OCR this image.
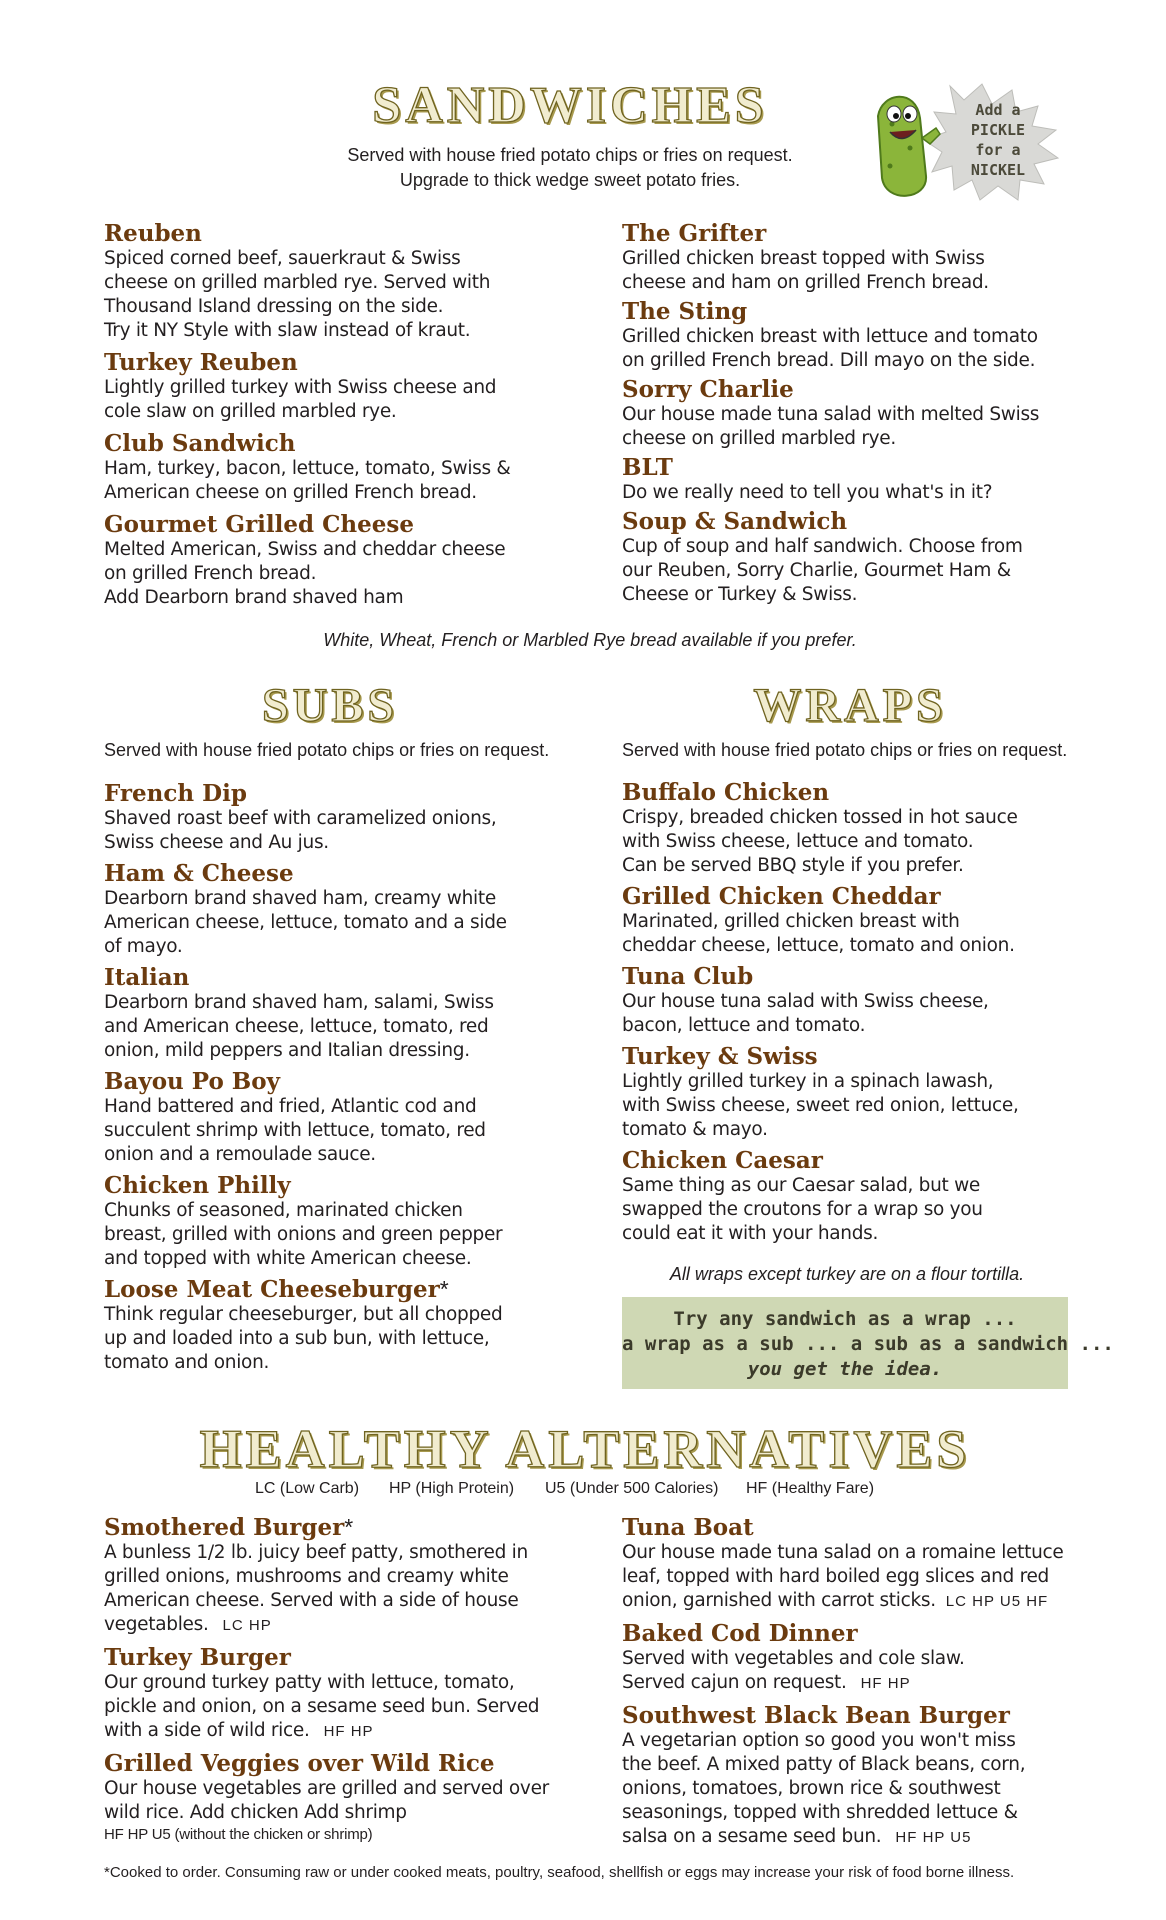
SANDWICHES
Served with house fried potato chips or fries on request.
Upgrade to thick wedge sweet potato fries.
Add a PICKLE
for a NICKEL
Reuben
Spiced corned beef, sauerkraut & Swiss
cheese on grilled marbled rye. Served with
Thousand Island dressing on the side.
Try it NY Style with slaw instead of kraut.
Turkey Reuben
Lightly grilled turkey with Swiss cheese and
cole slaw on grilled marbled rye.
Club Sandwich
Ham, turkey, bacon, lettuce, tomato, Swiss &
American cheese on grilled French bread.
Gourmet Grilled Cheese
Melted American, Swiss and cheddar cheese
on grilled French bread.
Add Dearborn brand shaved ham
The Grifter
Grilled chicken breast topped with Swiss
cheese and ham on grilled French bread.
The Sting
Grilled chicken breast with lettuce and tomato
on grilled French bread. Dill mayo on the side.
Sorry Charlie
Our house made tuna salad with melted Swiss
cheese on grilled marbled rye.
BLT
Do we really need to tell you what's in it?
Soup & Sandwich
Cup of soup and half sandwich. Choose from
our Reuben, Sorry Charlie, Gourmet Ham &
Cheese or Turkey & Swiss.
White, Wheat, French or Marbled Rye bread available if you prefer.
SUBS
Served with house fried potato chips or fries on request.
French Dip
Shaved roast beef with caramelized onions,
Swiss cheese and Au jus.
Ham & Cheese
Dearborn brand shaved ham, creamy white
American cheese, lettuce, tomato and a side
of mayo.
Italian
Dearborn brand shaved ham, salami, Swiss
and American cheese, lettuce, tomato, red
onion, mild peppers and Italian dressing.
Bayou Po Boy
Hand battered and fried, Atlantic cod and
succulent shrimp with lettuce, tomato, red
onion and a remoulade sauce.
Chicken Philly
Chunks of seasoned, marinated chicken
breast, grilled with onions and green pepper
and topped with white American cheese.
Loose Meat Cheeseburger*
Think regular cheeseburger, but all chopped
up and loaded into a sub bun, with lettuce,
tomato and onion.
WRAPS
Served with house fried potato chips or fries on request.
Buffalo Chicken
Crispy, breaded chicken tossed in hot sauce
with Swiss cheese, lettuce and tomato.
Can be served BBQ style if you prefer.
Grilled Chicken Cheddar
Marinated, grilled chicken breast with
cheddar cheese, lettuce, tomato and onion.
Tuna Club
Our house tuna salad with Swiss cheese,
bacon, lettuce and tomato.
Turkey & Swiss
Lightly grilled turkey in a spinach lawash,
with Swiss cheese, sweet red onion, lettuce,
tomato & mayo.
Chicken Caesar
Same thing as our Caesar salad, but we
swapped the croutons for a wrap so you
could eat it with your hands.
All wraps except turkey are on a flour tortilla.
Try any sandwich as a wrap ...
a wrap as a sub ... a sub as a sandwich ...
you get the idea.
HEALTHY ALTERNATIVES
LC (Low Carb) HP (High Protein) U5 (Under 500 Calories) HF (Healthy Fare)
Smothered Burger*
A bunless 1/2 lb. juicy beef patty, smothered in
grilled onions, mushrooms and creamy white
American cheese. Served with a side of house
vegetables. LC HP
Turkey Burger
Our ground turkey patty with lettuce, tomato,
pickle and onion, on a sesame seed bun. Served
with a side of wild rice. HF HP
Grilled Veggies over Wild Rice
Our house vegetables are grilled and served over
wild rice. Add chicken Add shrimp
HF HP U5 (without the chicken or shrimp)
Tuna Boat
Our house made tuna salad on a romaine lettuce
leaf, topped with hard boiled egg slices and red
onion, garnished with carrot sticks. LC HP U5 HF
Baked Cod Dinner
Served with vegetables and cole slaw.
Served cajun on request. HF HP
Southwest Black Bean Burger
A vegetarian option so good you won't miss
the beef. A mixed patty of Black beans, corn,
onions, tomatoes, brown rice & southwest
seasonings, topped with shredded lettuce &
salsa on a sesame seed bun. HF HP U5
*Cooked to order. Consuming raw or under cooked meats, poultry, seafood, shellfish or eggs may increase your risk of food borne illness.
